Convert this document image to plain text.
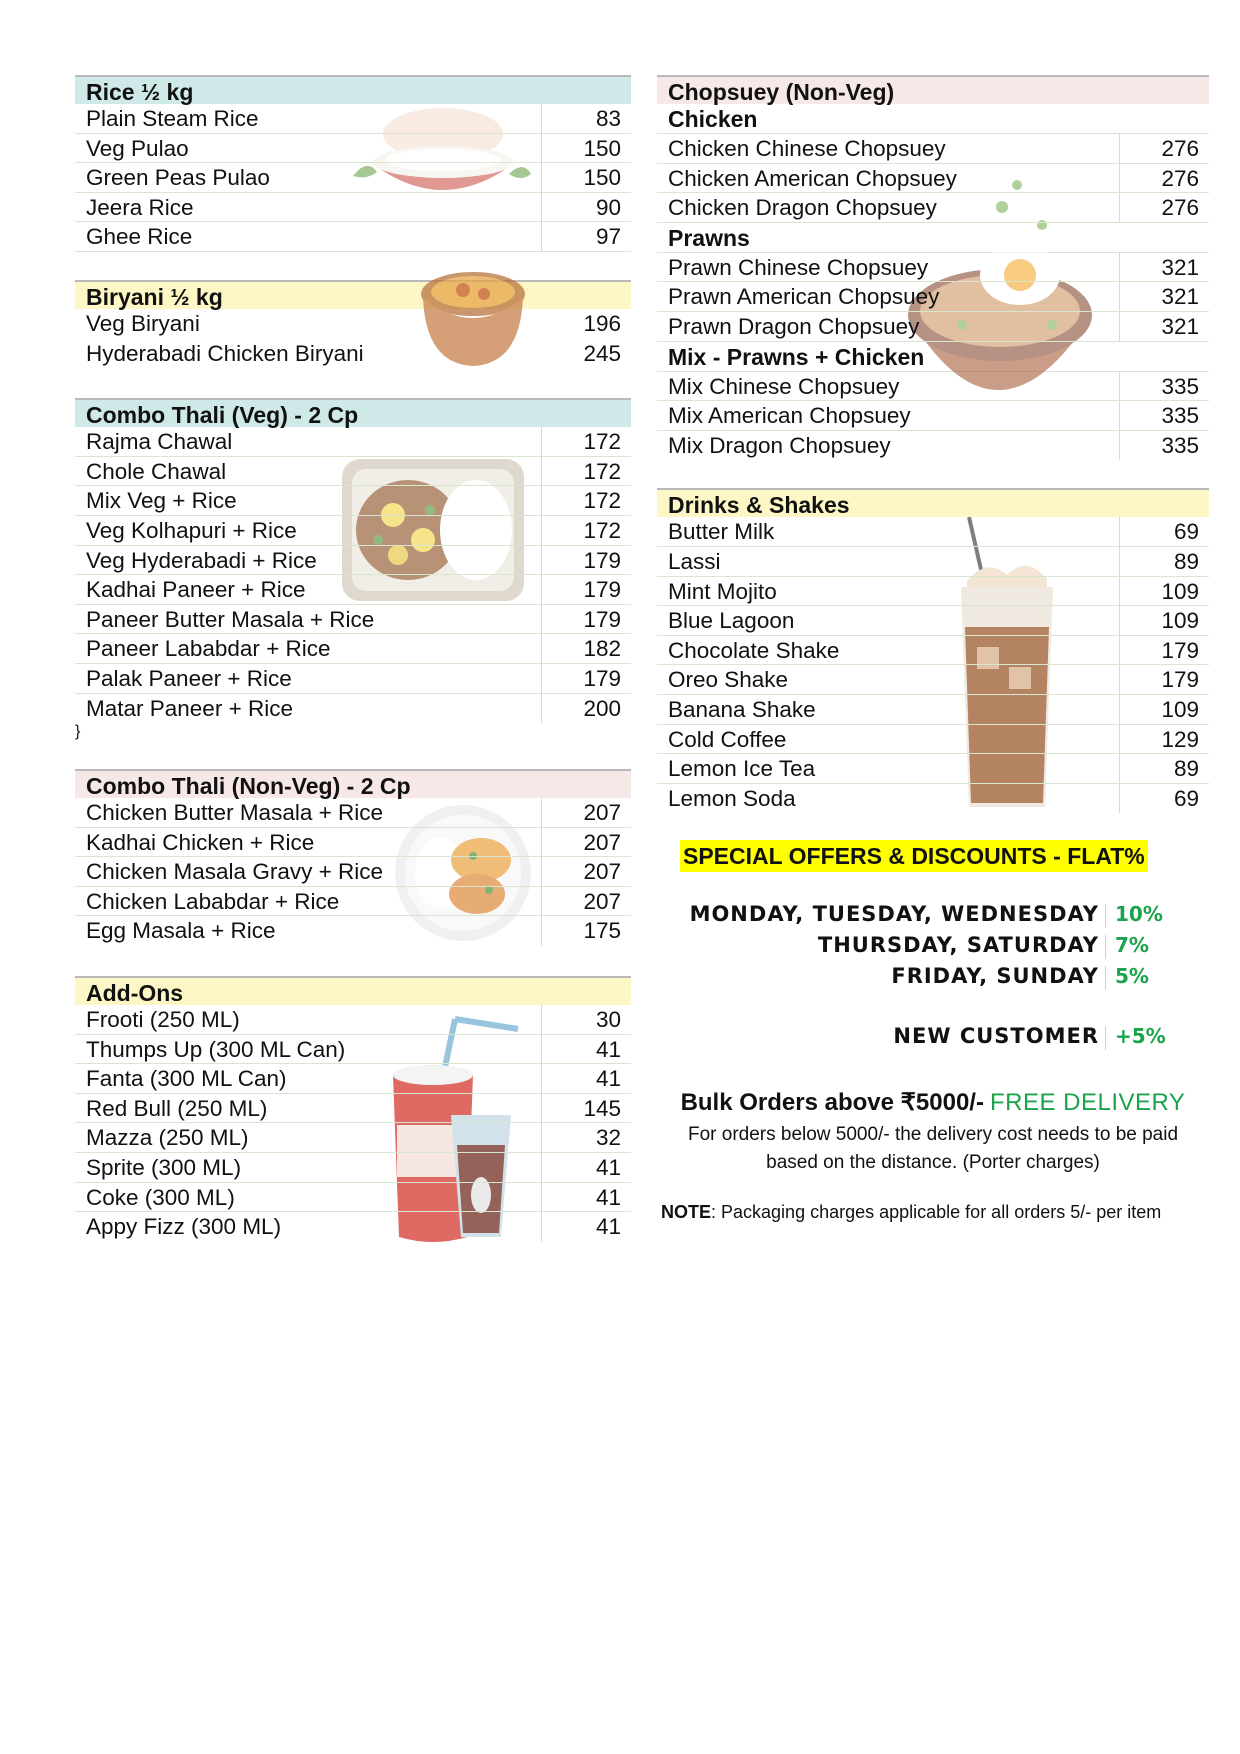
Rice ½ kg
Plain Steam Rice	83
Veg Pulao	150
Green Peas Pulao	150
Jeera Rice	90
Ghee Rice	97
Biryani ½ kg
Veg Biryani	196
Hyderabadi Chicken Biryani	245
Combo Thali (Veg) - 2 Cp
Rajma Chawal	172
Chole Chawal	172
Mix Veg + Rice	172
Veg Kolhapuri + Rice	172
Veg Hyderabadi + Rice	179
Kadhai Paneer + Rice	179
Paneer Butter Masala + Rice	179
Paneer Lababdar + Rice	182
Palak Paneer + Rice	179
Matar Paneer + Rice	200
}
Combo Thali (Non-Veg) - 2 Cp
Chicken Butter Masala + Rice	207
Kadhai Chicken + Rice	207
Chicken Masala Gravy + Rice	207
Chicken Lababdar + Rice	207
Egg Masala + Rice	175
Add-Ons
Frooti (250 ML)	30
Thumps Up (300 ML Can)	41
Fanta (300 ML Can)	41
Red Bull (250 ML)	145
Mazza (250 ML)	32
Sprite (300 ML)	41
Coke (300 ML)	41
Appy Fizz (300 ML)	41
Chopsuey (Non-Veg)
Chicken
Chicken Chinese Chopsuey	276
Chicken American Chopsuey	276
Chicken Dragon Chopsuey	276
Prawns
Prawn Chinese Chopsuey	321
Prawn American Chopsuey	321
Prawn Dragon Chopsuey	321
Mix - Prawns + Chicken
Mix Chinese Chopsuey	335
Mix American Chopsuey	335
Mix Dragon Chopsuey	335
Drinks & Shakes
Butter Milk	69
Lassi	89
Mint Mojito	109
Blue Lagoon	109
Chocolate Shake	179
Oreo Shake	179
Banana Shake	109
Cold Coffee	129
Lemon Ice Tea	89
Lemon Soda	69
SPECIAL OFFERS & DISCOUNTS - FLAT%
MONDAY, TUESDAY, WEDNESDAY 10%
THURSDAY, SATURDAY 7%
FRIDAY, SUNDAY 5%
NEW CUSTOMER +5%
Bulk Orders above ₹5000/- FREE DELIVERY
For orders below 5000/- the delivery cost needs to be paid based on the distance. (Porter charges)
NOTE: Packaging charges applicable for all orders 5/- per item
